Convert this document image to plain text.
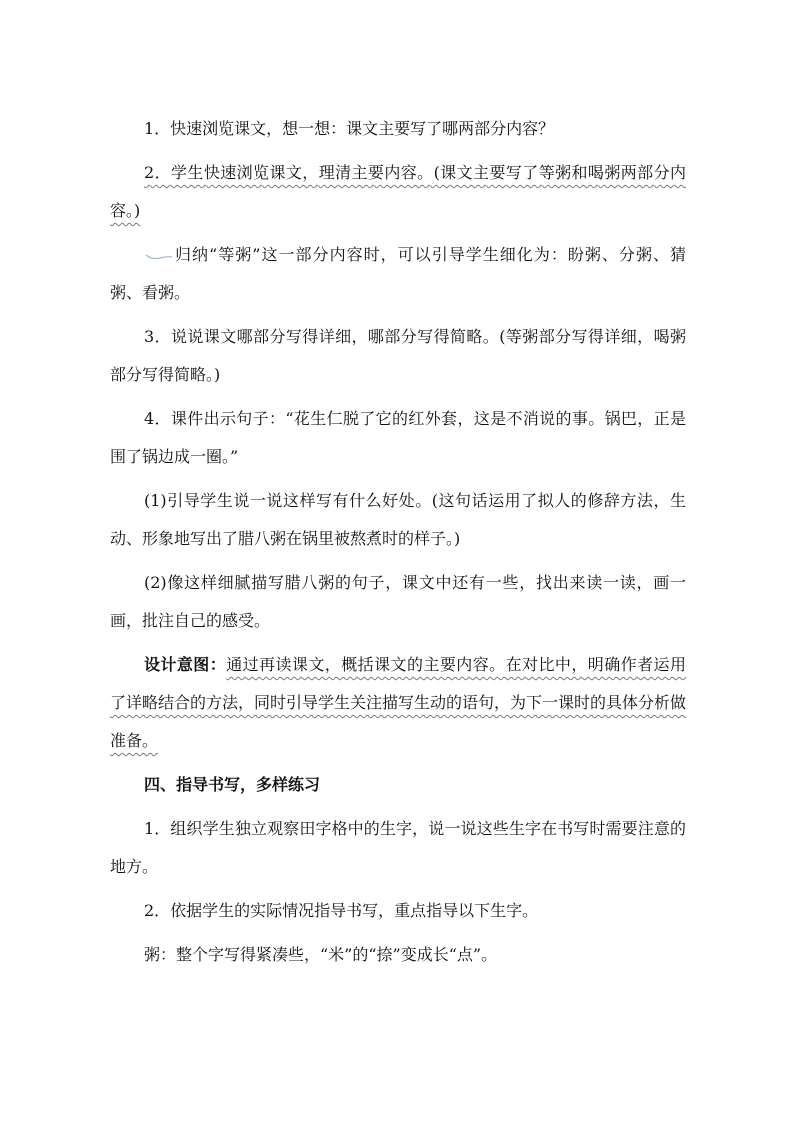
1．快速浏览课文，想一想：课文主要写了哪两部分内容？

2．学生快速浏览课文，理清主要内容。(课文主要写了等粥和喝粥两部分内容。)

归纳“等粥”这一部分内容时，可以引导学生细化为：盼粥、分粥、猜粥、看粥。

3．说说课文哪部分写得详细，哪部分写得简略。(等粥部分写得详细，喝粥部分写得简略。)

4．课件出示句子：“花生仁脱了它的红外套，这是不消说的事。锅巴，正是围了锅边成一圈。”

(1)引导学生说一说这样写有什么好处。(这句话运用了拟人的修辞方法，生动、形象地写出了腊八粥在锅里被熬煮时的样子。)

(2)像这样细腻描写腊八粥的句子，课文中还有一些，找出来读一读，画一画，批注自己的感受。

设计意图：通过再读课文，概括课文的主要内容。在对比中，明确作者运用了详略结合的方法，同时引导学生关注描写生动的语句，为下一课时的具体分析做准备。

四、指导书写，多样练习

1．组织学生独立观察田字格中的生字，说一说这些生字在书写时需要注意的地方。

2．依据学生的实际情况指导书写，重点指导以下生字。

粥：整个字写得紧凑些，“米”的“捺”变成长“点”。
